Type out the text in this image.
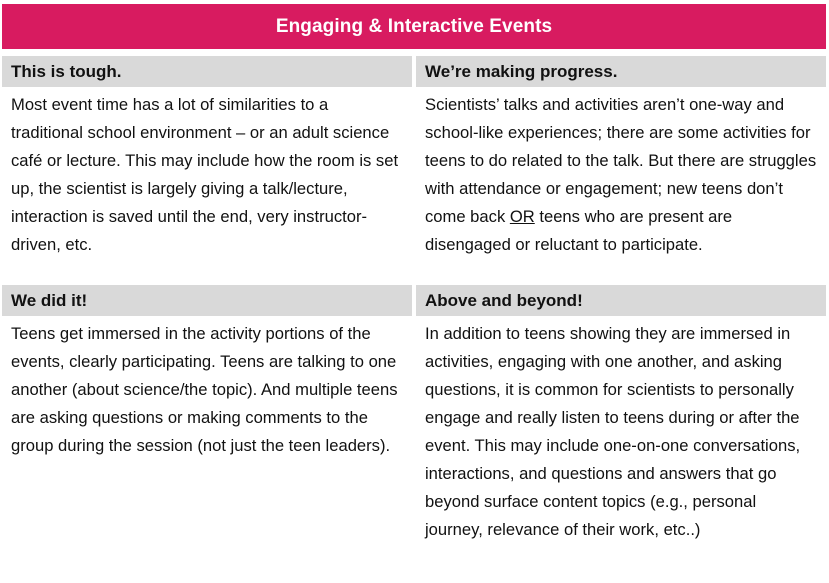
Engaging & Interactive Events
This is tough.
Most event time has a lot of similarities to a traditional school environment – or an adult science café or lecture. This may include how the room is set up, the scientist is largely giving a talk/lecture, interaction is saved until the end, very instructor-driven, etc.
We’re making progress.
Scientists’ talks and activities aren’t one-way and school-like experiences; there are some activities for teens to do related to the talk. But there are struggles with attendance or engagement; new teens don’t come back OR teens who are present are disengaged or reluctant to participate.
We did it!
Teens get immersed in the activity portions of the events, clearly participating. Teens are talking to one another (about science/the topic). And multiple teens are asking questions or making comments to the group during the session (not just the teen leaders).
Above and beyond!
In addition to teens showing they are immersed in activities, engaging with one another, and asking questions, it is common for scientists to personally engage and really listen to teens during or after the event. This may include one-on-one conversations, interactions, and questions and answers that go beyond surface content topics (e.g., personal journey, relevance of their work, etc..)
